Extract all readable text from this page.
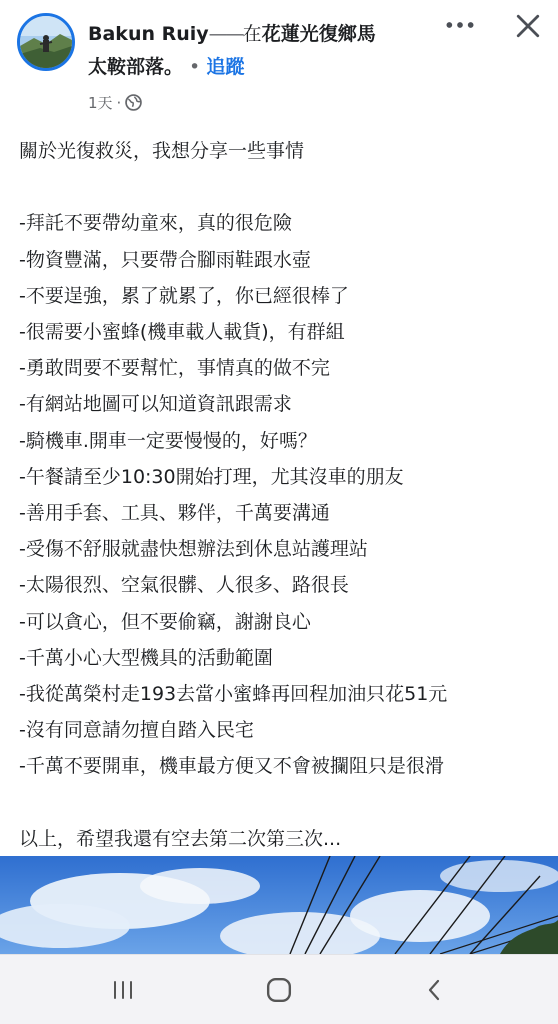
Bakun Ruiy——在花蓮光復鄉馬
太鞍部落。 • 追蹤
1天 ·

關於光復救災，我想分享一些事情

-拜託不要帶幼童來，真的很危險

-物資豐滿，只要帶合腳雨鞋跟水壺

-不要逞強，累了就累了，你已經很棒了

-很需要小蜜蜂(機車載人載貨)，有群組

-勇敢問要不要幫忙，事情真的做不完

-有網站地圖可以知道資訊跟需求

-騎機車.開車一定要慢慢的，好嗎？

-午餐請至少10:30開始打理，尤其沒車的朋友

-善用手套、工具、夥伴，千萬要溝通

-受傷不舒服就盡快想辦法到休息站護理站

-太陽很烈、空氣很髒、人很多、路很長

-可以貪心，但不要偷竊，謝謝良心

-千萬小心大型機具的活動範圍

-我從萬榮村走193去當小蜜蜂再回程加油只花51元

-沒有同意請勿擅自踏入民宅

-千萬不要開車，機車最方便又不會被攔阻只是很滑

以上，希望我還有空去第二次第三次...
